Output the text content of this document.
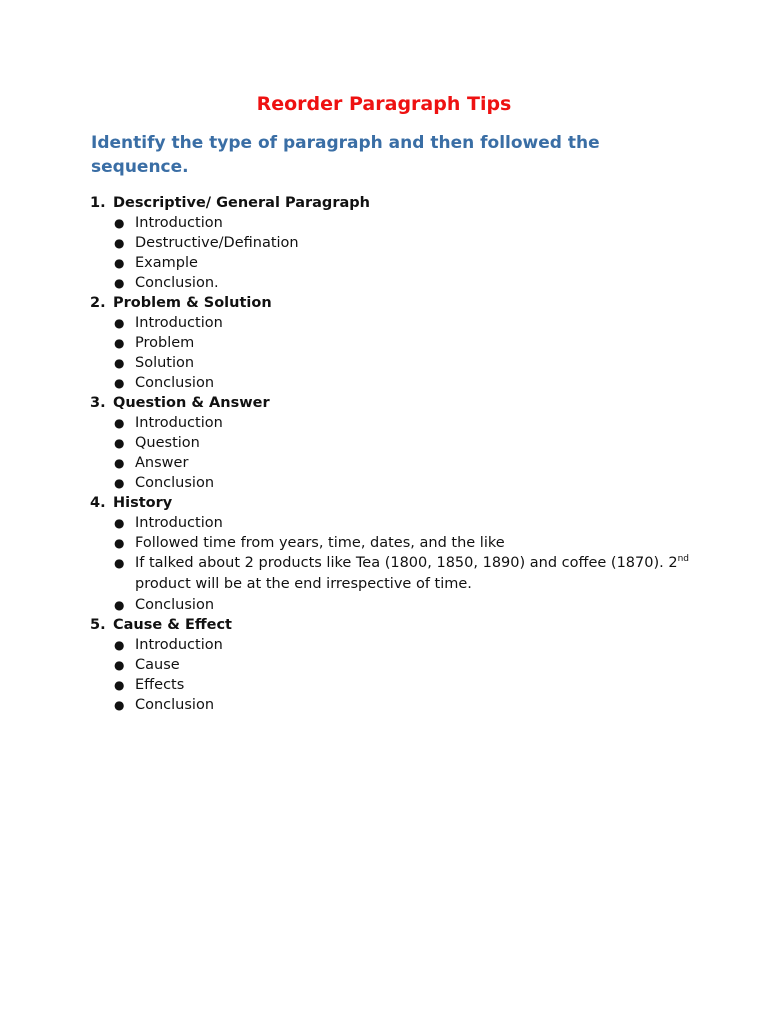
Reorder Paragraph Tips
Identify the type of paragraph and then followed the sequence.
1. Descriptive/ General Paragraph
● Introduction
● Destructive/Defination
● Example
● Conclusion.
2. Problem & Solution
● Introduction
● Problem
● Solution
● Conclusion
3. Question & Answer
● Introduction
● Question
● Answer
● Conclusion
4. History
● Introduction
● Followed time from years, time, dates, and the like
● If talked about 2 products like Tea (1800, 1850, 1890) and coffee (1870). 2nd product will be at the end irrespective of time.
● Conclusion
5. Cause & Effect
● Introduction
● Cause
● Effects
● Conclusion
